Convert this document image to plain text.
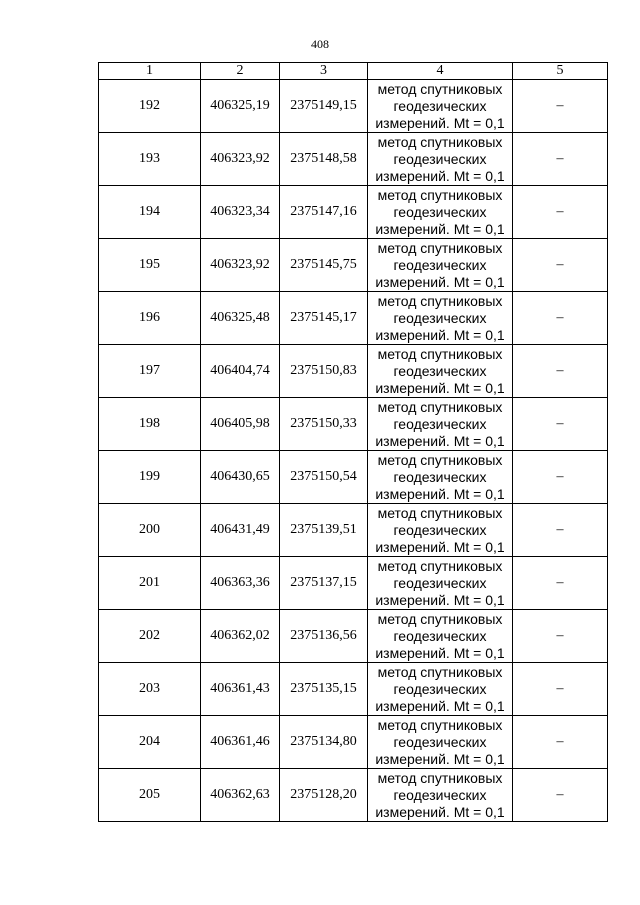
408
1	2	3	4	5
192	406325,19	2375149,15	метод спутниковых
геодезических
измерений. Mt = 0,1	–
193	406323,92	2375148,58	метод спутниковых
геодезических
измерений. Mt = 0,1	–
194	406323,34	2375147,16	метод спутниковых
геодезических
измерений. Mt = 0,1	–
195	406323,92	2375145,75	метод спутниковых
геодезических
измерений. Mt = 0,1	–
196	406325,48	2375145,17	метод спутниковых
геодезических
измерений. Mt = 0,1	–
197	406404,74	2375150,83	метод спутниковых
геодезических
измерений. Mt = 0,1	–
198	406405,98	2375150,33	метод спутниковых
геодезических
измерений. Mt = 0,1	–
199	406430,65	2375150,54	метод спутниковых
геодезических
измерений. Mt = 0,1	–
200	406431,49	2375139,51	метод спутниковых
геодезических
измерений. Mt = 0,1	–
201	406363,36	2375137,15	метод спутниковых
геодезических
измерений. Mt = 0,1	–
202	406362,02	2375136,56	метод спутниковых
геодезических
измерений. Mt = 0,1	–
203	406361,43	2375135,15	метод спутниковых
геодезических
измерений. Mt = 0,1	–
204	406361,46	2375134,80	метод спутниковых
геодезических
измерений. Mt = 0,1	–
205	406362,63	2375128,20	метод спутниковых
геодезических
измерений. Mt = 0,1	–
